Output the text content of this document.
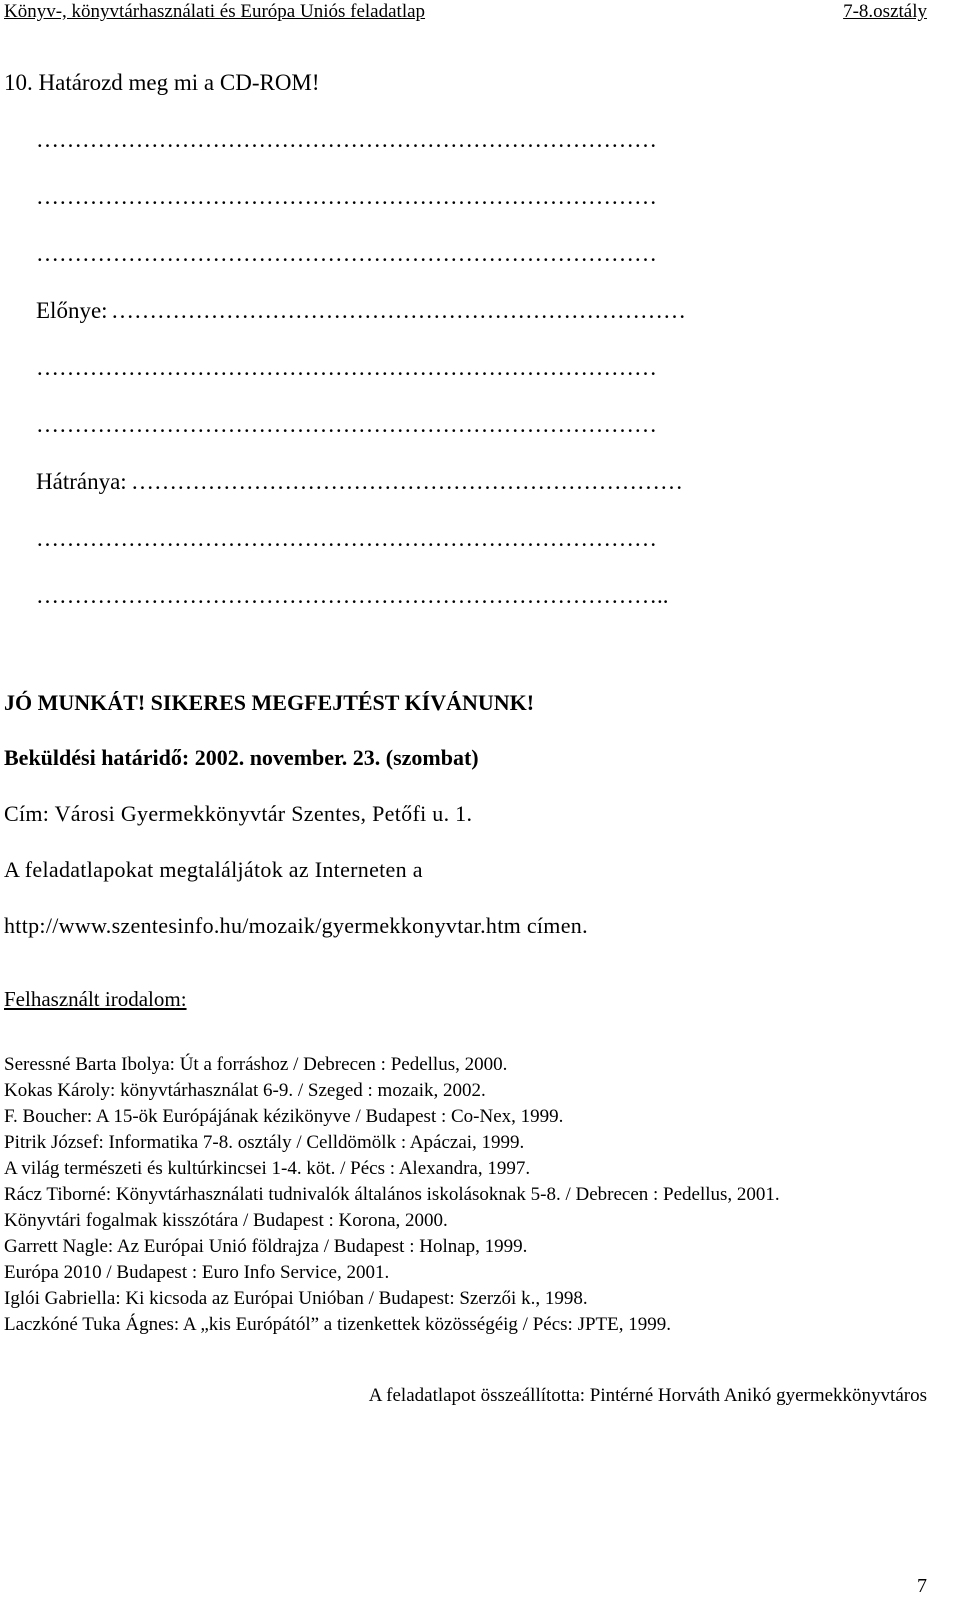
Könyv-, könyvtárhasználati és Európa Uniós feladatlap	7-8.osztály
10. Határozd meg mi a CD-ROM!
………………………………………………………………………
………………………………………………………………………
………………………………………………………………………
Előnye: …………………………………………………………………
………………………………………………………………………
………………………………………………………………………
Hátránya: ………………………………………………………………
………………………………………………………………………
………………………………………………………………………..
JÓ MUNKÁT! SIKERES MEGFEJTÉST KÍVÁNUNK!
Beküldési határidő: 2002. november. 23. (szombat)
Cím: Városi Gyermekkönyvtár Szentes, Petőfi u. 1.
A feladatlapokat megtaláljátok az Interneten a
http://www.szentesinfo.hu/mozaik/gyermekkonyvtar.htm címen.
Felhasznált irodalom:
Seressné Barta Ibolya: Út a forráshoz / Debrecen : Pedellus, 2000.
Kokas Károly: könyvtárhasználat 6-9. / Szeged : mozaik, 2002.
F. Boucher: A 15-ök Európájának kézikönyve / Budapest : Co-Nex, 1999.
Pitrik József: Informatika 7-8. osztály / Celldömölk : Apáczai, 1999.
A világ természeti és kultúrkincsei 1-4. köt. / Pécs : Alexandra, 1997.
Rácz Tiborné: Könyvtárhasználati tudnivalók általános iskolásoknak 5-8. / Debrecen : Pedellus, 2001.
Könyvtári fogalmak kisszótára / Budapest : Korona, 2000.
Garrett Nagle: Az Európai Unió földrajza / Budapest : Holnap, 1999.
Európa 2010 / Budapest : Euro Info Service, 2001.
Iglói Gabriella: Ki kicsoda az Európai Unióban / Budapest: Szerzői k., 1998.
Laczkóné Tuka Ágnes: A „kis Európától” a tizenkettek közösségéig / Pécs: JPTE, 1999.
A feladatlapot összeállította: Pintérné Horváth Anikó gyermekkönyvtáros
7
